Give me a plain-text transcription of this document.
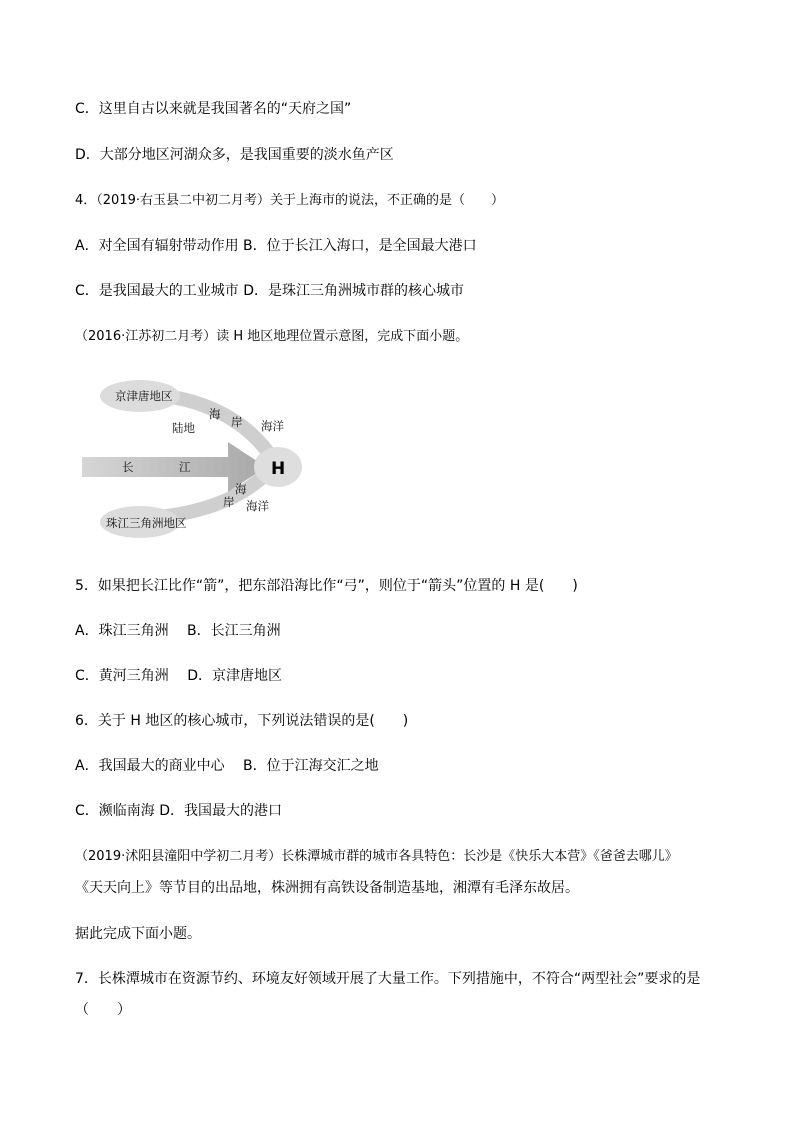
C．这里自古以来就是我国著名的“天府之国”
D．大部分地区河湖众多，是我国重要的淡水鱼产区
4．（2019·右玉县二中初二月考）关于上海市的说法，不正确的是（　　）
A．对全国有辐射带动作用 B．位于长江入海口，是全国最大港口
C．是我国最大的工业城市 D．是珠江三角洲城市群的核心城市
（2016·江苏初二月考）读 H 地区地理位置示意图，完成下面小题。
京津唐地区
海
岸
陆地	海洋
长	江	H
海
岸 海洋
珠江三角洲地区
5．如果把长江比作“箭”，把东部沿海比作“弓”，则位于“箭头”位置的 H 是(　　)
A．珠江三角洲　 B．长江三角洲
C．黄河三角洲　 D．京津唐地区
6．关于 H 地区的核心城市，下列说法错误的是(　　)
A．我国最大的商业中心　 B．位于江海交汇之地
C．濒临南海 D．我国最大的港口
（2019·沭阳县潼阳中学初二月考）长株潭城市群的城市各具特色：长沙是《快乐大本营》《爸爸去哪儿》
《天天向上》等节目的出品地，株洲拥有高铁设备制造基地，湘潭有毛泽东故居。
据此完成下面小题。
7．长株潭城市在资源节约、环境友好领域开展了大量工作。下列措施中，不符合“两型社会”要求的是
（　　）
